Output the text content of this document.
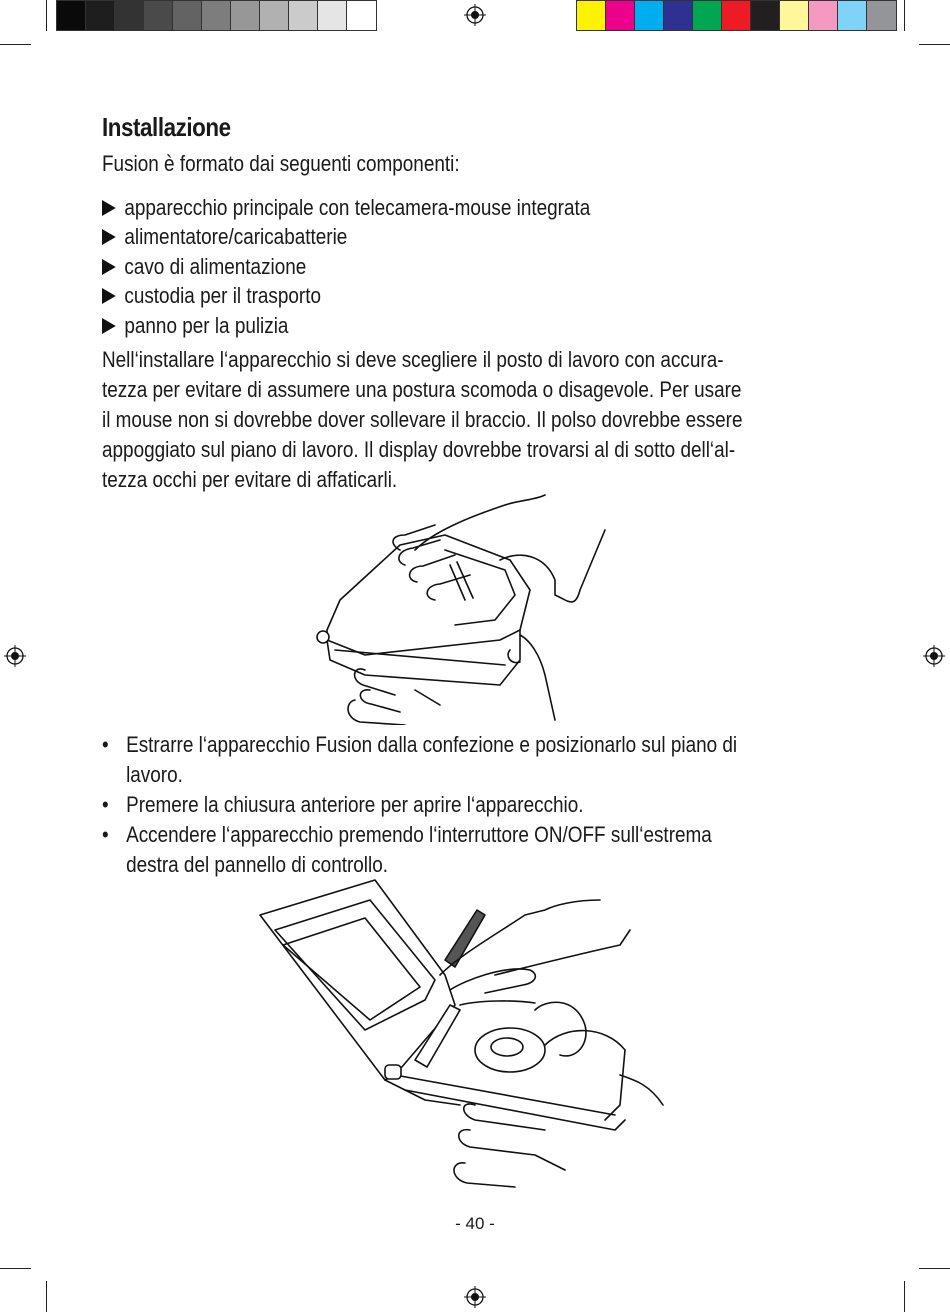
Installazione
Fusion è formato dai seguenti componenti:
apparecchio principale con telecamera-mouse integrata
alimentatore/caricabatterie
cavo di alimentazione
custodia per il trasporto
panno per la pulizia
Nell‘installare l‘apparecchio si deve scegliere il posto di lavoro con accura-
tezza per evitare di assumere una postura scomoda o disagevole. Per usare
il mouse non si dovrebbe dover sollevare il braccio. Il polso dovrebbe essere
appoggiato sul piano di lavoro. Il display dovrebbe trovarsi al di sotto dell‘al-
tezza occhi per evitare di affaticarli.
• Estrarre l‘apparecchio Fusion dalla confezione e posizionarlo sul piano di
lavoro.
• Premere la chiusura anteriore per aprire l‘apparecchio.
• Accendere l‘apparecchio premendo l‘interruttore ON/OFF sull‘estrema
destra del pannello di controllo.
- 40 -
